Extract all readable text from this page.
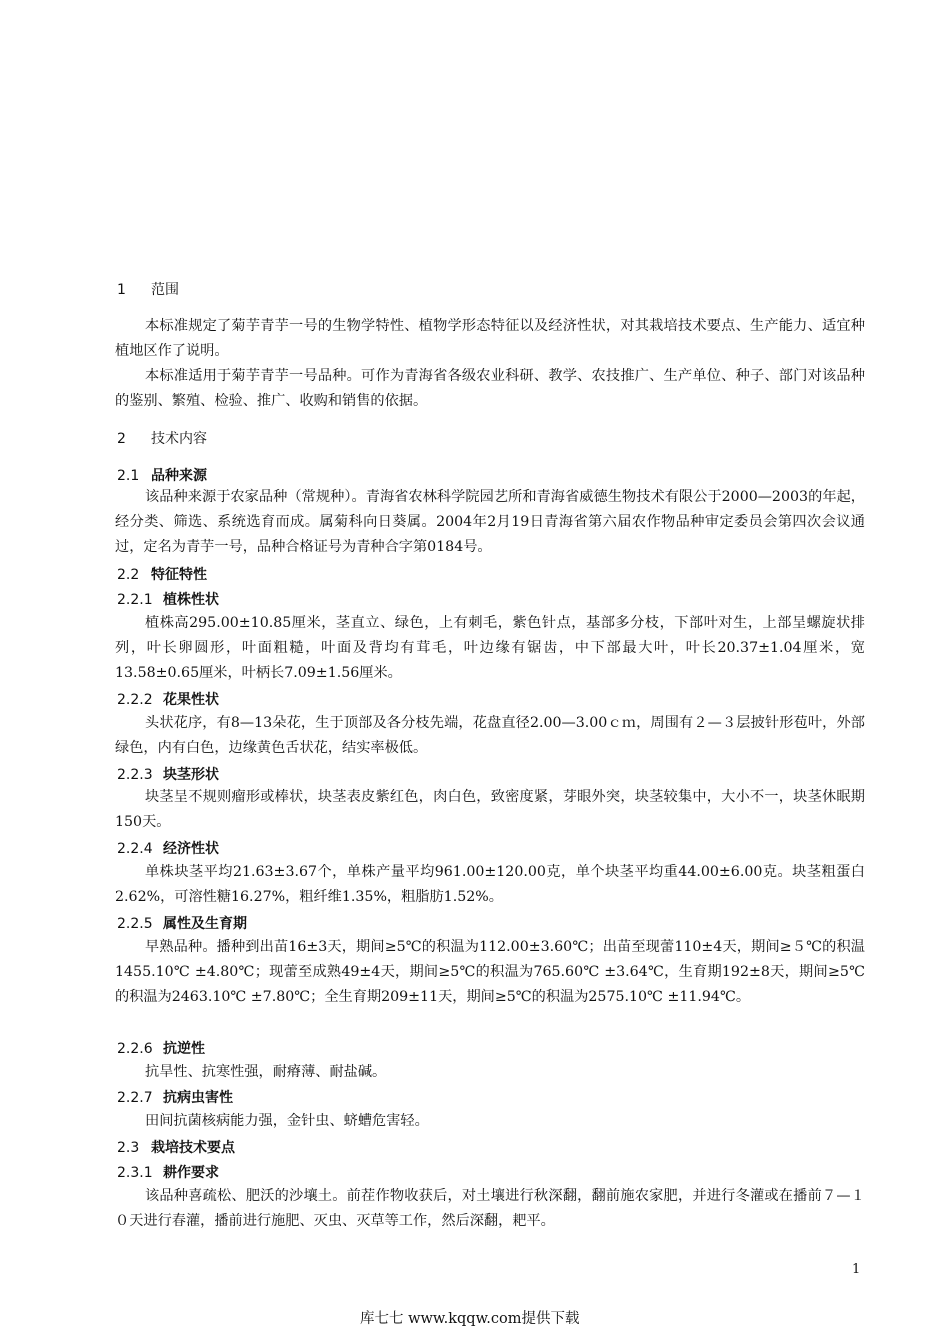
1 范围
本标准规定了菊芋青芋一号的生物学特性、植物学形态特征以及经济性状，对其栽培技术要点、生产能力、适宜种植地区作了说明。
本标准适用于菊芋青芋一号品种。可作为青海省各级农业科研、教学、农技推广、生产单位、种子、部门对该品种的鉴别、繁殖、检验、推广、收购和销售的依据。
2 技术内容
2.1 品种来源
该品种来源于农家品种（常规种）。青海省农林科学院园艺所和青海省威德生物技术有限公于2000—2003的年起，经分类、筛选、系统选育而成。属菊科向日葵属。2004年2月19日青海省第六届农作物品种审定委员会第四次会议通过，定名为青芋一号，品种合格证号为青种合字第0184号。
2.2 特征特性
2.2.1 植株性状
植株高295.00±10.85厘米，茎直立、绿色，上有刺毛，紫色针点，基部多分枝，下部叶对生，上部呈螺旋状排列，叶长卵圆形，叶面粗糙，叶面及背均有茸毛，叶边缘有锯齿，中下部最大叶，叶长20.37±1.04厘米，宽13.58±0.65厘米，叶柄长7.09±1.56厘米。
2.2.2 花果性状
头状花序，有8—13朵花，生于顶部及各分枝先端，花盘直径2.00—3.00ｃｍ，周围有２—３层披针形苞叶，外部绿色，内有白色，边缘黄色舌状花，结实率极低。
2.2.3 块茎形状
块茎呈不规则瘤形或棒状，块茎表皮紫红色，肉白色，致密度紧，芽眼外突，块茎较集中，大小不一，块茎休眠期150天。
2.2.4 经济性状
单株块茎平均21.63±3.67个，单株产量平均961.00±120.00克，单个块茎平均重44.00±6.00克。块茎粗蛋白2.62%，可溶性糖16.27%，粗纤维1.35%，粗脂肪1.52%。
2.2.5 属性及生育期
早熟品种。播种到出苗16±3天，期间≥5℃的积温为112.00±3.60℃；出苗至现蕾110±4天，期间≥５℃的积温1455.10℃ ±4.80℃；现蕾至成熟49±4天，期间≥5℃的积温为765.60℃ ±3.64℃，生育期192±8天，期间≥5℃的积温为2463.10℃ ±7.80℃；全生育期209±11天，期间≥5℃的积温为2575.10℃ ±11.94℃。
2.2.6 抗逆性
抗旱性、抗寒性强，耐瘠薄、耐盐碱。
2.2.7 抗病虫害性
田间抗菌核病能力强，金针虫、蛴螬危害轻。
2.3 栽培技术要点
2.3.1 耕作要求
该品种喜疏松、肥沃的沙壤土。前茬作物收获后，对土壤进行秋深翻，翻前施农家肥，并进行冬灌或在播前７—１０天进行春灌，播前进行施肥、灭虫、灭草等工作，然后深翻，耙平。
1
库七七 www.kqqw.com提供下载
